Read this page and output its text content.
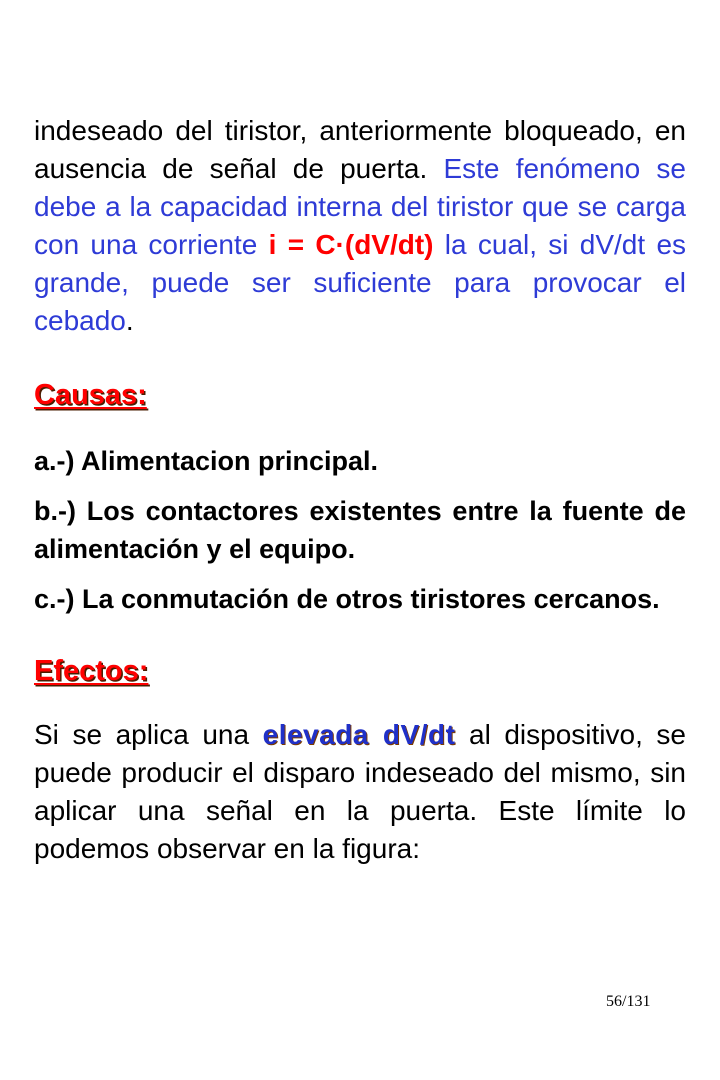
indeseado del tiristor, anteriormente bloqueado, en ausencia de señal de puerta. Este fenómeno se debe a la capacidad interna del tiristor que se carga con una corriente i = C·(dV/dt) la cual, si dV/dt es grande, puede ser suficiente para provocar el cebado.

Causas:

a.-) Alimentacion principal.

b.-) Los contactores existentes entre la fuente de alimentación y el equipo.

c.-) La conmutación de otros tiristores cercanos.

Efectos:

Si se aplica una elevada dV/dt al dispositivo, se puede producir el disparo indeseado del mismo, sin aplicar una señal en la puerta. Este límite lo podemos observar en la figura:

56/131
